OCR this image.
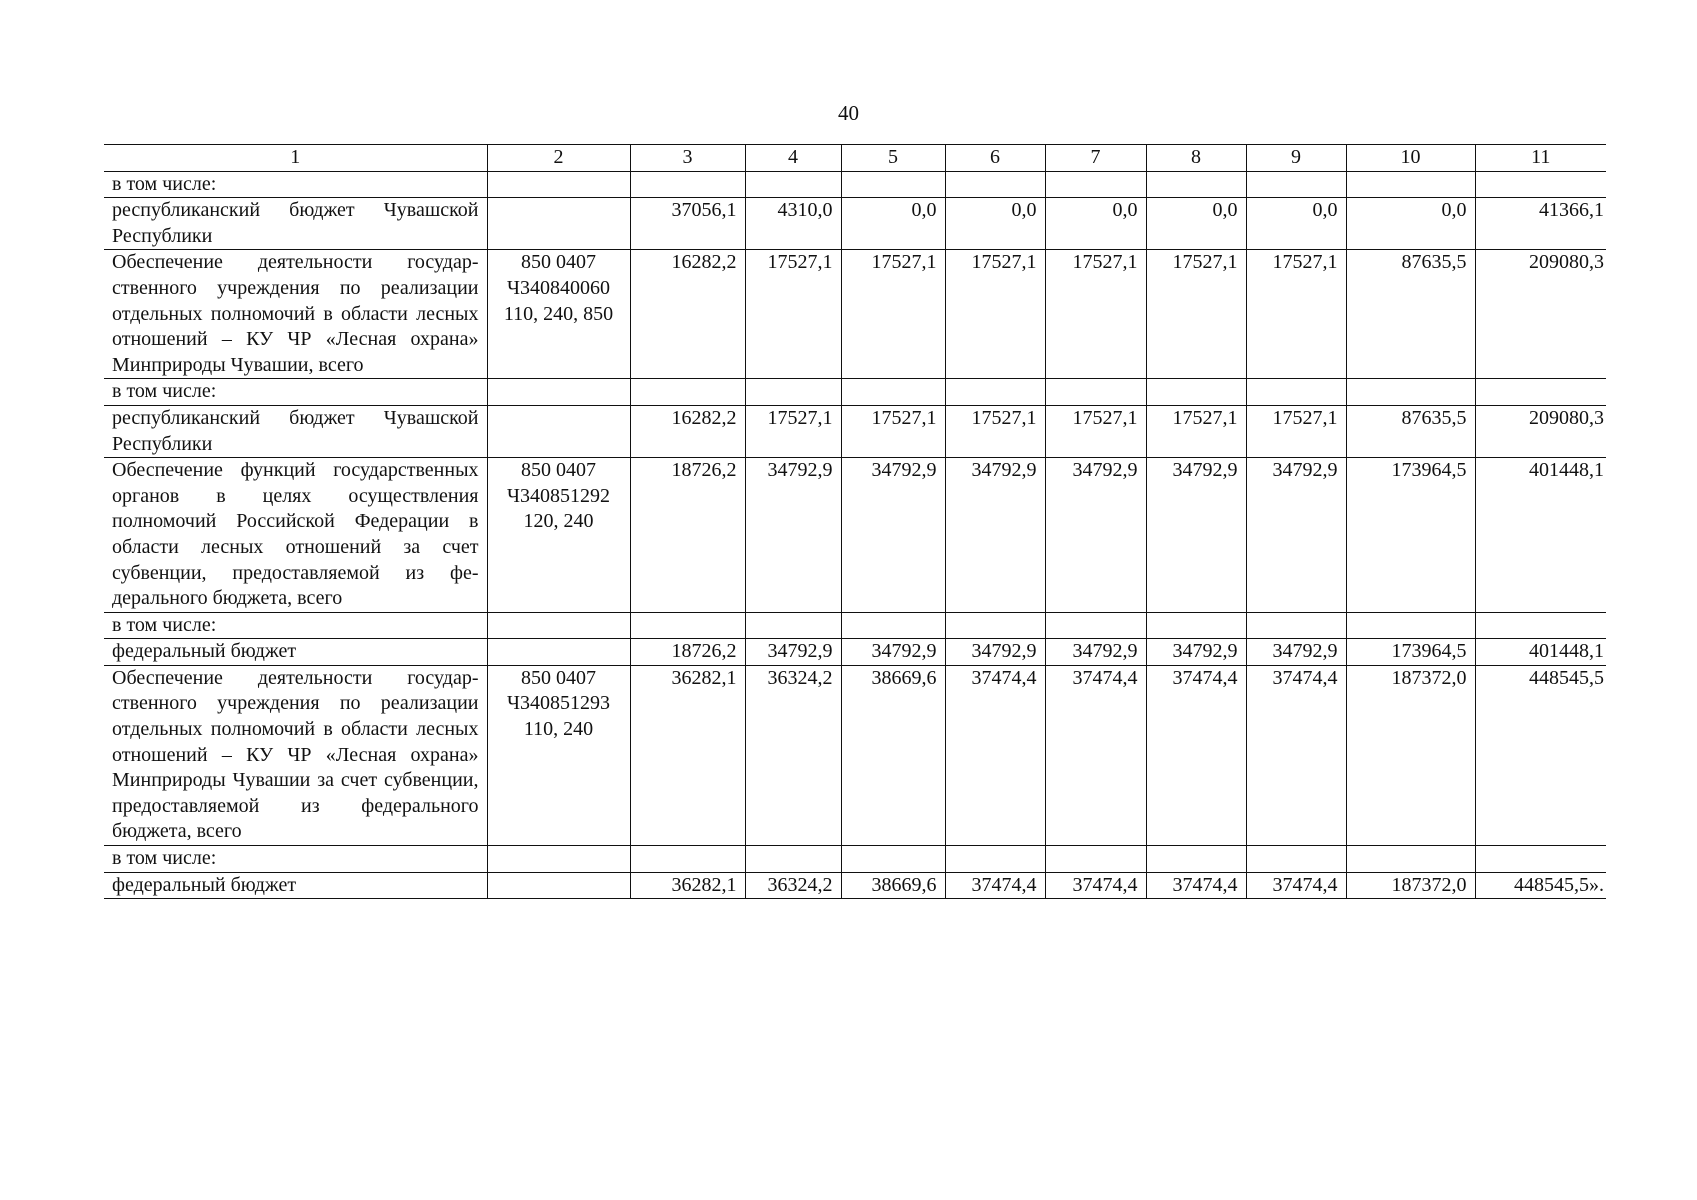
40
1	2	3	4	5	6	7	8	9	10	11
в том числе:										
республиканский бюджет Чувашской Республики		37056,1	4310,0	0,0	0,0	0,0	0,0	0,0	0,0	41366,1
Обеспечение деятельности государственного учреждения по реализации отдельных полномочий в области лесных отношений – КУ ЧР «Лесная охрана» Минприроды Чувашии, всего	850 0407 Ч340840060 110, 240, 850	16282,2	17527,1	17527,1	17527,1	17527,1	17527,1	17527,1	87635,5	209080,3
в том числе:										
республиканский бюджет Чувашской Республики		16282,2	17527,1	17527,1	17527,1	17527,1	17527,1	17527,1	87635,5	209080,3
Обеспечение функций государственных органов в целях осуществления полномочий Российской Федерации в области лесных отношений за счет субвенции, предоставляемой из федерального бюджета, всего	850 0407 Ч340851292 120, 240	18726,2	34792,9	34792,9	34792,9	34792,9	34792,9	34792,9	173964,5	401448,1
в том числе:										
федеральный бюджет		18726,2	34792,9	34792,9	34792,9	34792,9	34792,9	34792,9	173964,5	401448,1
Обеспечение деятельности государственного учреждения по реализации отдельных полномочий в области лесных отношений – КУ ЧР «Лесная охрана» Минприроды Чувашии за счет субвенции, предоставляемой из федерального бюджета, всего	850 0407 Ч340851293 110, 240	36282,1	36324,2	38669,6	37474,4	37474,4	37474,4	37474,4	187372,0	448545,5
в том числе:										
федеральный бюджет		36282,1	36324,2	38669,6	37474,4	37474,4	37474,4	37474,4	187372,0	448545,5».
